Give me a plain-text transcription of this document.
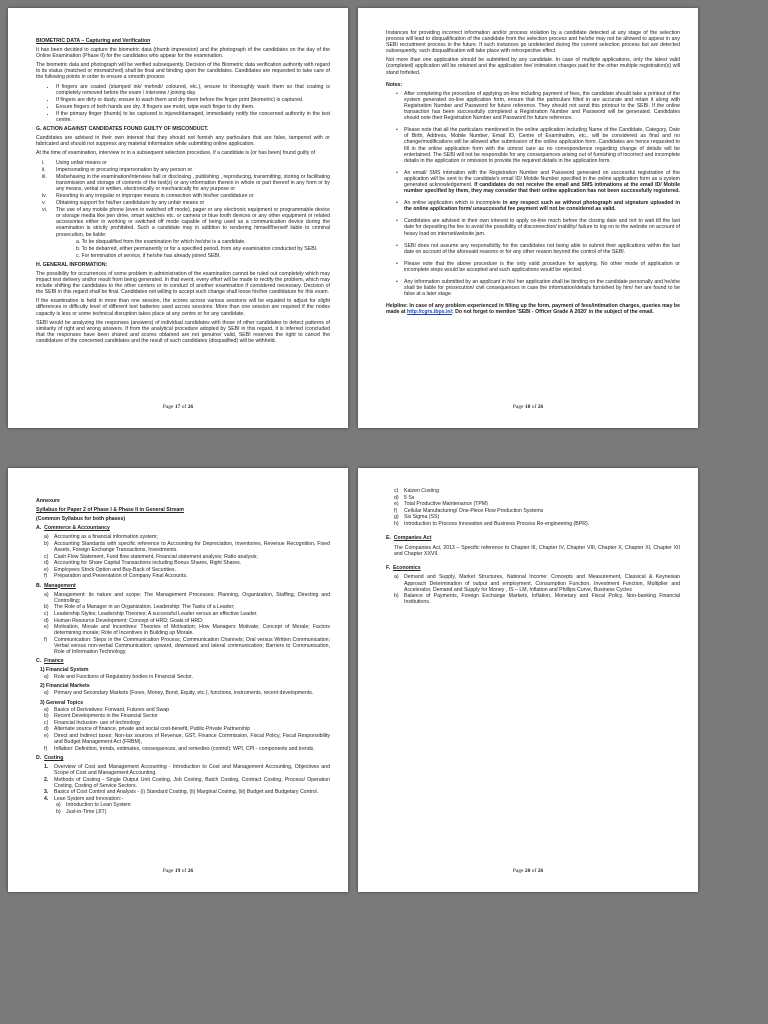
BIOMETRIC DATA – Capturing and Verification

It has been decided to capture the biometric data (thumb impression) and the photograph of the candidates on the day of the Online Examination (Phase II) for the candidates who appear for the examination.

The biometric data and photograph will be verified subsequently. Decision of the Biometric data verification authority with regard to its status (matched or mismatched) shall be final and binding upon the candidates. Candidates are requested to take care of the following points in order to ensure a smooth process

• If fingers are coated (stamped ink/ mehndi/ coloured, etc.), ensure to thoroughly wash them so that coating is completely removed before the exam / interview / joining day.
• If fingers are dirty or dusty, ensure to wash them and dry them before the finger print (biometric) is captured.
• Ensure fingers of both hands are dry. If fingers are moist, wipe each finger to dry them.
• If the primary finger (thumb) to be captured is injured/damaged, immediately notify the concerned authority in the test centre.

G. ACTION AGAINST CANDIDATES FOUND GUILTY OF MISCONDUCT.

Candidates are advised in their own interest that they should not furnish any particulars that are false, tampered with or fabricated and should not suppress any material information while submitting online application.

At the time of examination, interview or in a subsequent selection procedure, if a candidate is (or has been) found guilty of

i. Using unfair means or
ii. Impersonating or procuring impersonation by any person or
iii. Misbehaving in the examination/interview hall or disclosing , publishing , reproducing, transmitting, storing or facilitating transmission and storage of contents of the test(s) or any information therein in whole or part thereof in any form or by any means, verbal or written, electronically or mechanically for any purpose or
iv. Resorting to any irregular or improper means in connection with his/her candidature or
v. Obtaining support for his/her candidature by any unfair means or
vi. The use of any mobile phone (even in switched off mode), pager or any electronic equipment or programmable device or storage media like pen drive, smart watches etc. or camera or blue tooth devices or any other equipment or related accessories either in working or switched off mode capable of being used as a communication device during the examination is strictly prohibited. Such a candidate may in addition to rendering himself/herself liable to criminal prosecution, be liable:
a. To be disqualified from the examination for which he/she is a candidate.
b. To be debarred, either permanently or for a specified period, from any examination conducted by SEBI.
c. For termination of service, if he/she has already joined SEBI.

H. GENERAL INFORMATION:

The possibility for occurrences of some problem in administration of the examination cannot be ruled out completely which may impact test delivery and/or result from being generated. In that event, every effort will be made to rectify the problem, which may include shifting the candidates to the other centers or to conduct of another examination if considered necessary. Decision of the SEBI in this regard shall be final. Candidates not willing to accept such change shall loose his/her candidature for this exam.

If the examination is held in more than one session, the scores across various sessions will be equated to adjust for slight differences in difficulty level of different test batteries used across sessions. More than one session are required if the nodes capacity is less or some technical disruption takes place at any centre or for any candidate.

SEBI would be analyzing the responses (answers) of individual candidates with those of other candidates to detect patterns of similarity of right and wrong answers. If from the analytical procedure adopted by SEBI in this regard, it is inferred /concluded that the responses have been shared and scores obtained are not genuine/ valid, SEBI reserves the right to cancel the candidature of the concerned candidates and the result of such candidates (disqualified) will be withheld.

Page 17 of 26

Instances for providing incorrect information and/or process violation by a candidate detected at any stage of the selection process will lead to disqualification of the candidate from the selection process and he/she may not be allowed to appear in any SEBI recruitment process in the future. If such instances go undetected during the current selection process but are detected subsequently, such disqualification will take place with retrospective effect.

Not more than one application should be submitted by any candidate. In case of multiple applications, only the latest valid (completed) application will be retained and the application fee/ intimation charges paid for the other multiple registration(s) will stand forfeited.

Notes:

• After completing the procedure of applying on-line including payment of fees, the candidate should take a printout of the system generated on-line application form, ensure that the particulars filled in are accurate and retain it along with Registration Number and Password for future reference. They should not send this printout to the SEBI. If the online transaction has been successfully completed a Registration Number and Password will be generated. Candidates should note their Registration Number and Password for future reference.
• Please note that all the particulars mentioned in the online application including Name of the Candidate, Category, Date of Birth, Address, Mobile Number, Email ID, Centre of Examination, etc., will be considered as final and no change/modifications will be allowed after submission of the online application form. Candidates are hence requested to fill in the online application form with the utmost care as no correspondence regarding change of details will be entertained. The SEBI will not be responsible for any consequences arising out of furnishing of incorrect and incomplete details in the application or omission to provide the required details in the application form.
• An email/ SMS intimation with the Registration Number and Password generated on successful registration of the application will be sent to the candidate's email ID/ Mobile Number specified in the online application form as a system generated acknowledgement. If candidates do not receive the email and SMS intimations at the email ID/ Mobile number specified by them, they may consider that their online application has not been successfully registered.
• An online application which is incomplete in any respect such as without photograph and signature uploaded in the online application form/ unsuccessful fee payment will not be considered as valid.
• Candidates are advised in their own interest to apply on-line much before the closing date and not to wait till the last date for depositing the fee to avoid the possibility of disconnection/ inability/ failure to log on to the website on account of heavy load on internet/website jam.
• SEBI does not assume any responsibility for the candidates not being able to submit their applications within the last date on account of the aforesaid reasons or for any other reason beyond the control of the SEBI.
• Please note that the above procedure is the only valid procedure for applying. No other mode of application or incomplete steps would be accepted and such applications would be rejected.
• Any information submitted by an applicant in his/ her application shall be binding on the candidate personally and he/she shall be liable for prosecution/ civil consequences in case the information/details furnished by him/ her are found to be false at a later stage.

Helpline: In case of any problem experienced in filling up the form, payment of fees/intimation charges, queries may be made at http://cgrs.ibps.in/; Do not forget to mention 'SEBI - Officer Grade A 2020' in the subject of the email.

Page 18 of 26

Annexure

Syllabus for Paper 2 of Phase I & Phase II in General Stream

(Common Syllabus for both phases)

A. Commerce & Accountancy

a) Accounting as a financial information system;
b) Accounting Standards with specific reference to Accounting for Depreciation, Inventories, Revenue Recognition, Fixed Assets, Foreign Exchange Transactions, Investments.
c) Cash Flow Statement, Fund flow statement, Financial statement analysis; Ratio analysis;
d) Accounting for Share Capital Transactions including Bonus Shares, Right Shares.
e) Employees Stock Option and Buy-Back of Securities.
f) Preparation and Presentation of Company Final Accounts.

B. Management

a) Management: its nature and scope; The Management Processes; Planning, Organization, Staffing, Directing and Controlling;
b) The Role of a Manager in an Organization. Leadership: The Tasks of a Leader;
c) Leadership Styles; Leadership Theories; A successful Leader versus an effective Leader.
d) Human Resource Development: Concept of HRD; Goals of HRD;
e) Motivation, Morale and Incentives: Theories of Motivation; How Managers Motivate; Concept of Morale; Factors determining morale; Role of Incentives in Building up Morale.
f) Communication: Steps in the Communication Process; Communication Channels; Oral versus Written Communication; Verbal versus non-verbal Communication; upward, downward and lateral communication; Barriers to Communication, Role of Information Technology.

C. Finance

1) Financial System

a) Role and Functions of Regulatory bodies in Financial Sector.

2) Financial Markets

a) Primary and Secondary Markets (Forex, Money, Bond, Equity, etc.), functions, instruments, recent developments.

3) General Topics

a) Basics of Derivatives: Forward, Futures and Swap
b) Recent Developments in the Financial Sector
c) Financial Inclusion- use of technology
d) Alternate source of finance, private and social cost-benefit, Public-Private Partnership
e) Direct and Indirect taxes; Non-tax sources of Revenue, GST, Finance Commission, Fiscal Policy, Fiscal Responsibility and Budget Management Act (FRBM),
f) Inflation: Definition, trends, estimates, consequences, and remedies (control): WPI, CPI - components and trends.

D. Costing

1. Overview of Cost and Management Accounting - Introduction to Cost and Management Accounting, Objectives and Scope of Cost and Management Accounting.
2. Methods of Costing - Single Output Unit Costing, Job Costing, Batch Costing, Contract Costing, Process/ Operation Costing, Costing of Service Sectors.
3. Basics of Cost Control and Analysis - (i) Standard Costing, (ii) Marginal Costing, (iii) Budget and Budgetary Control.
4. Lean System and Innovation:-
a) Introduction to Lean System
b) Just-in-Time (JIT)
Page 19 of 26
c) Kaizen Costing
d) 5 Ss
e) Total Productive Maintenance (TPM)
f) Cellular Manufacturing/ One-Piece Flow Production Systems
g) Six Sigma (SS)
h) Introduction to Process Innovation and Business Process Re-engineering (BPR).

E. Companies Act

The Companies Act, 2013 – Specific reference to Chapter III, Chapter IV, Chapter VIII, Chapter X, Chapter XI, Chapter XII and Chapter XXVII.

F. Economics

a) Demand and Supply, Market Structures, National Income: Concepts and Measurement, Classical & Keynesian Approach Determination of output and employment, Consumption Function, Investment Function, Multiplier and Accelerator, Demand and Supply for Money , IS – LM, Inflation and Phillips Curve, Business Cycles
b) Balance of Payments, Foreign Exchange Markets, Inflation, Monetary and Fiscal Policy, Non-banking Financial Institutions.
Page 20 of 26
